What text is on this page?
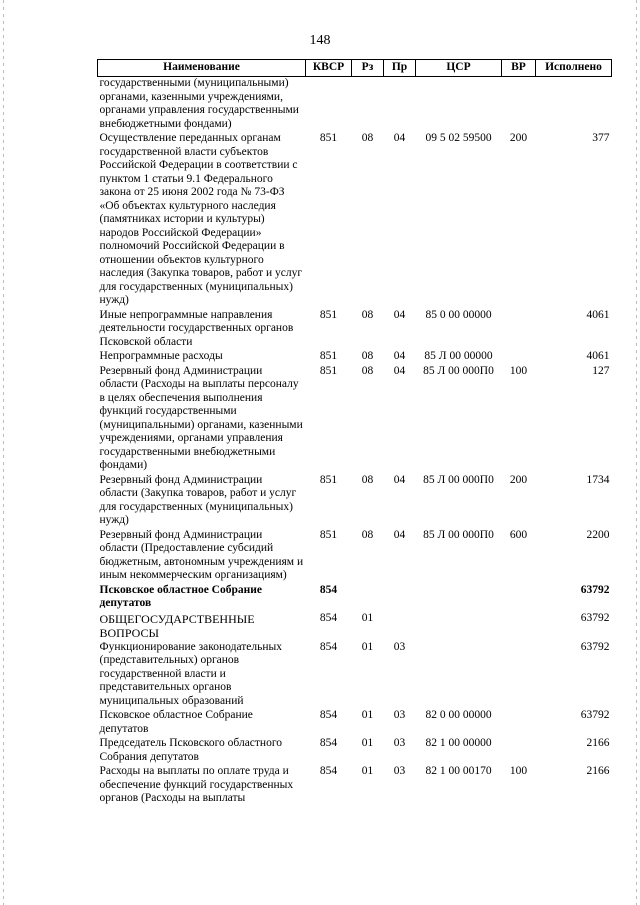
148
Наименование	КВСР	Рз	Пр	ЦСР	ВР	Исполнено
государственными (муниципальными) органами, казенными учреждениями, органами управления государственными внебюджетными фондами)						
Осуществление переданных органам государственной власти субъектов Российской Федерации в соответствии с пунктом 1 статьи 9.1 Федерального закона от 25 июня 2002 года № 73-ФЗ «Об объектах культурного наследия (памятниках истории и культуры) народов Российской Федерации» полномочий Российской Федерации в отношении объектов культурного наследия (Закупка товаров, работ и услуг для государственных (муниципальных) нужд)	851	08	04	09 5 02 59500	200	377
Иные непрограммные направления деятельности государственных органов Псковской области	851	08	04	85 0 00 00000		4061
Непрограммные расходы	851	08	04	85 Л 00 00000		4061
Резервный фонд Администрации области (Расходы на выплаты персоналу в целях обеспечения выполнения функций государственными (муниципальными) органами, казенными учреждениями, органами управления государственными внебюджетными фондами)	851	08	04	85 Л 00 000П0	100	127
Резервный фонд Администрации области (Закупка товаров, работ и услуг для государственных (муниципальных) нужд)	851	08	04	85 Л 00 000П0	200	1734
Резервный фонд Администрации области (Предоставление субсидий бюджетным, автономным учреждениям и иным некоммерческим организациям)	851	08	04	85 Л 00 000П0	600	2200
Псковское областное Собрание депутатов	854					63792
ОБЩЕГОСУДАРСТВЕННЫЕ ВОПРОСЫ	854	01				63792
Функционирование законодательных (представительных) органов государственной власти и представительных органов муниципальных образований	854	01	03			63792
Псковское областное Собрание депутатов	854	01	03	82 0 00 00000		63792
Председатель Псковского областного Собрания депутатов	854	01	03	82 1 00 00000		2166
Расходы на выплаты по оплате труда и обеспечение функций государственных органов (Расходы на выплаты	854	01	03	82 1 00 00170	100	2166
